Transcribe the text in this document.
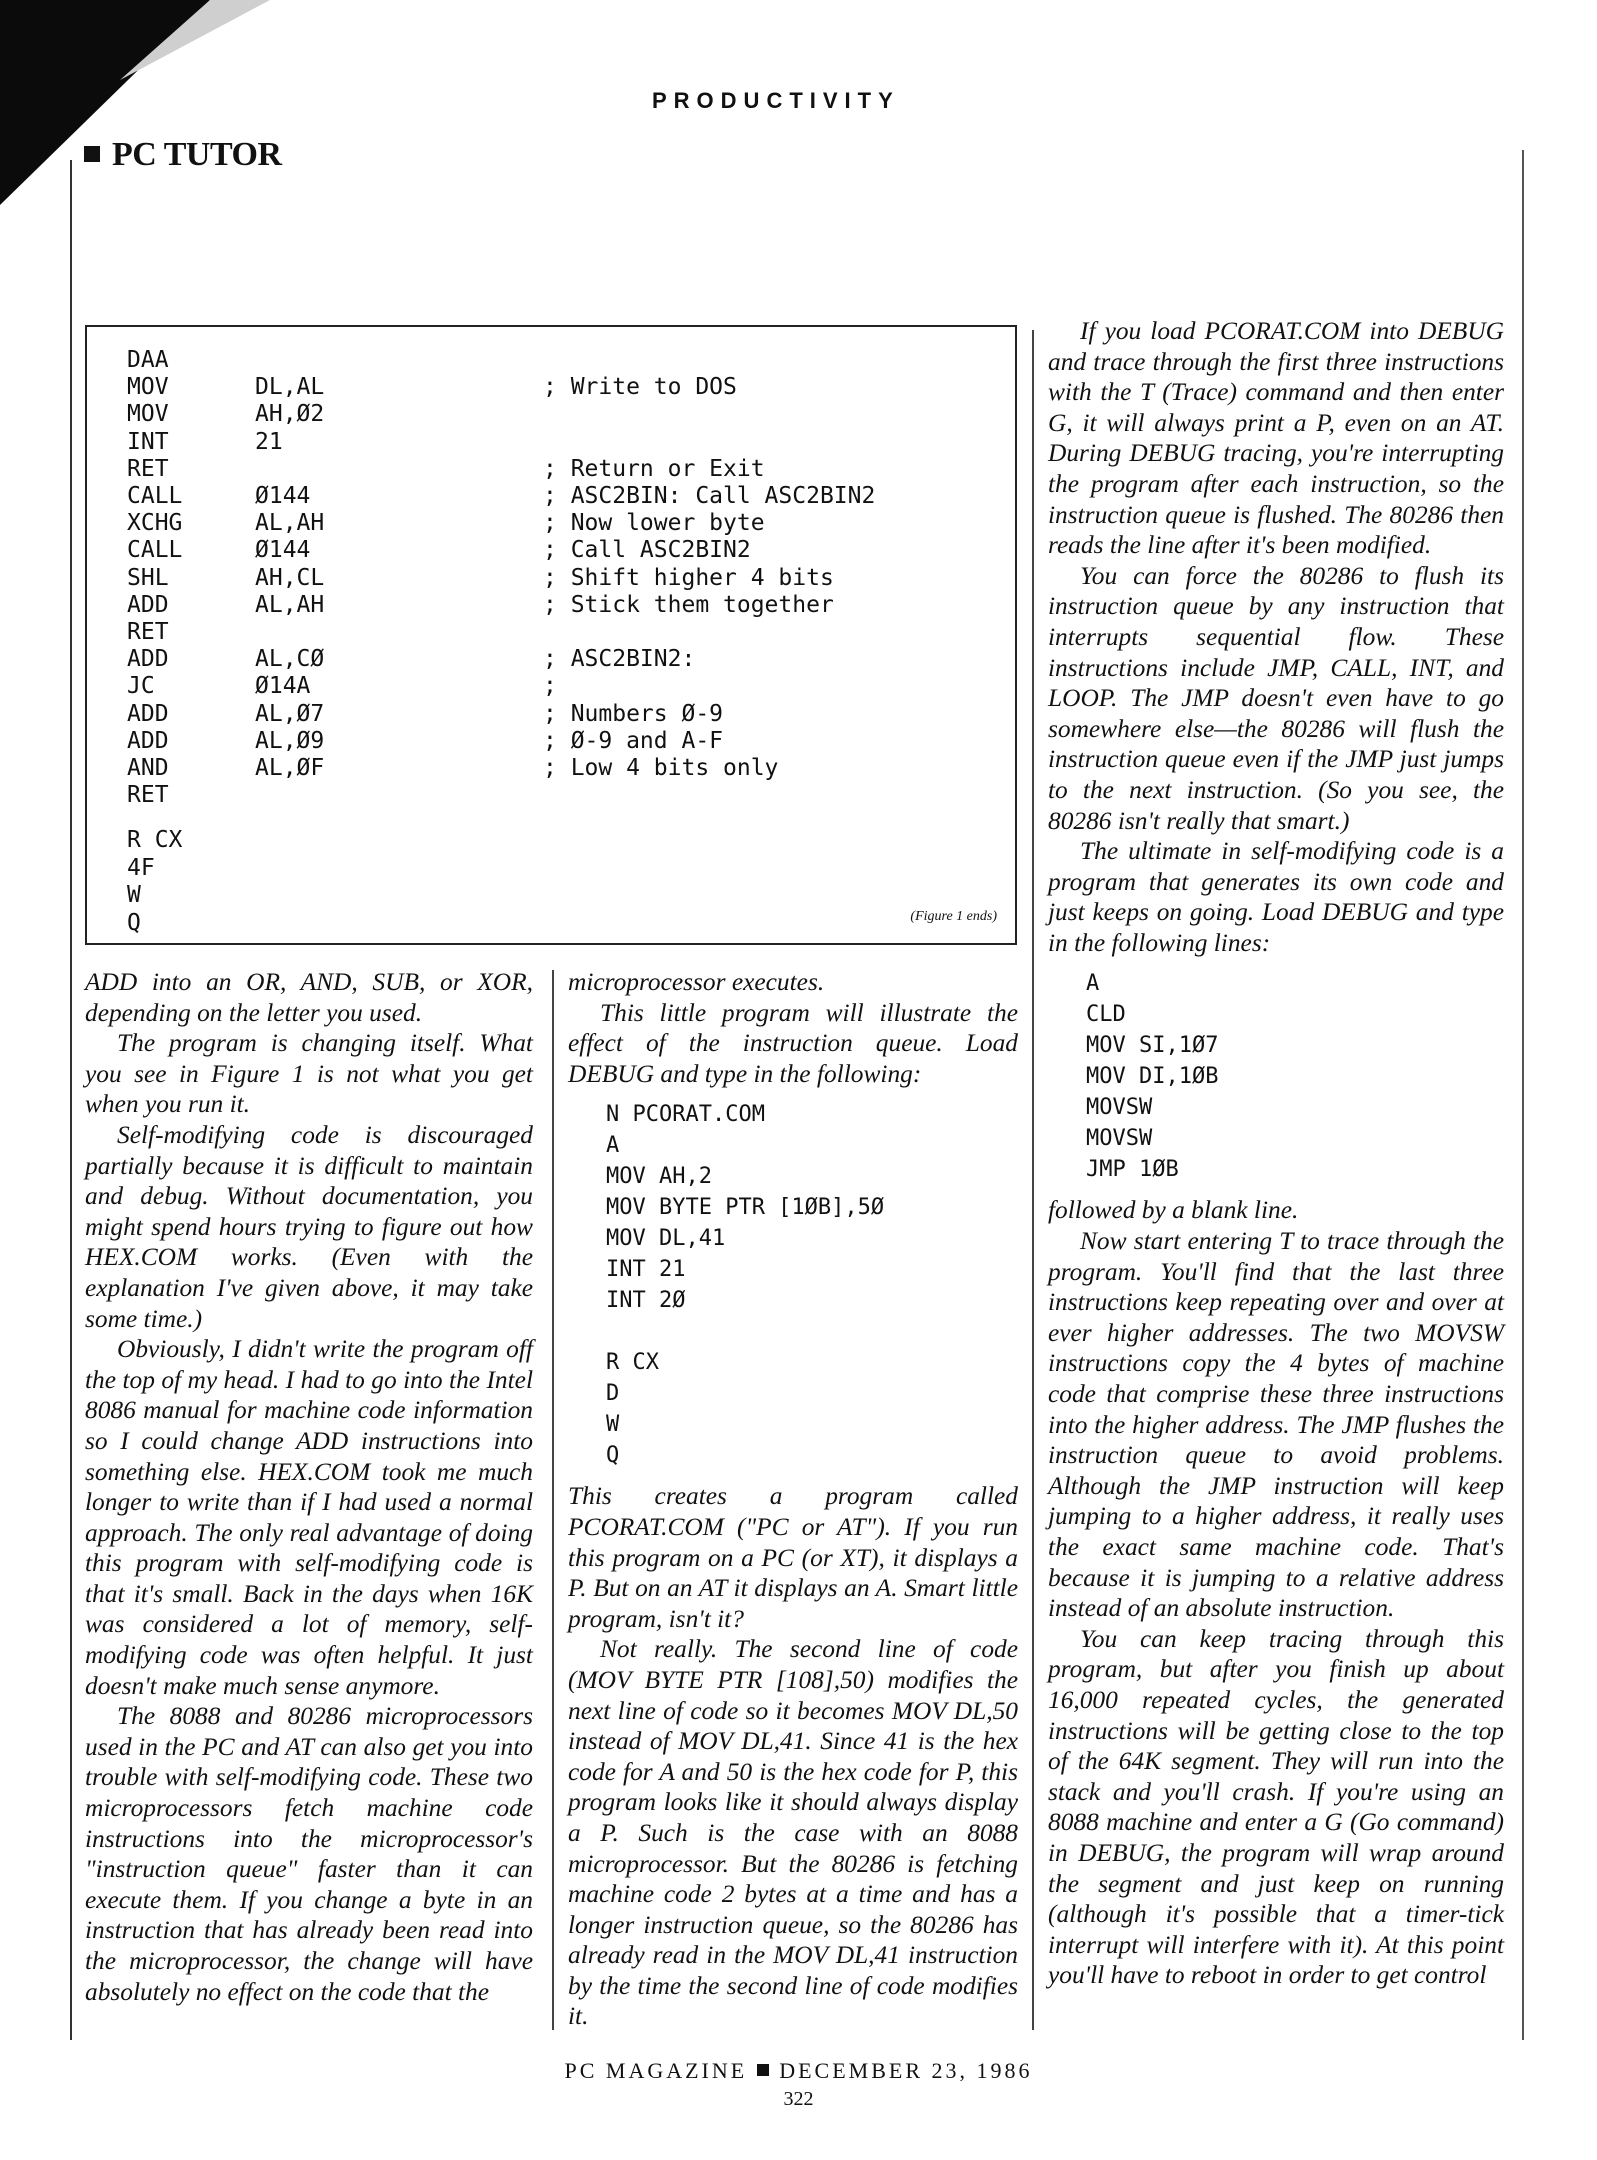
PRODUCTIVITY
PC TUTOR
DAA		
MOV	DL,AL	; Write to DOS
MOV	AH,Ø2	
INT	21	
RET		; Return or Exit
CALL	Ø144	; ASC2BIN: Call ASC2BIN2
XCHG	AL,AH	; Now lower byte
CALL	Ø144	; Call ASC2BIN2
SHL	AH,CL	; Shift higher 4 bits
ADD	AL,AH	; Stick them together
RET		
ADD	AL,CØ	; ASC2BIN2:
JC	Ø14A	;
ADD	AL,Ø7	; Numbers Ø-9
ADD	AL,Ø9	; Ø-9 and A-F
AND	AL,ØF	; Low 4 bits only
RET		
R CX
4F
W
Q	(Figure 1 ends)

ADD into an OR, AND, SUB, or XOR, depending on the letter you used.

The program is changing itself. What you see in Figure 1 is not what you get when you run it.

Self-modifying code is discouraged partially because it is difficult to maintain and debug. Without documentation, you might spend hours trying to figure out how HEX.COM works. (Even with the explanation I've given above, it may take some time.)

Obviously, I didn't write the program off the top of my head. I had to go into the Intel 8086 manual for machine code information so I could change ADD instructions into something else. HEX.COM took me much longer to write than if I had used a normal approach. The only real advantage of doing this program with self-modifying code is that it's small. Back in the days when 16K was considered a lot of memory, self-modifying code was often helpful. It just doesn't make much sense anymore.

The 8088 and 80286 microprocessors used in the PC and AT can also get you into trouble with self-modifying code. These two microprocessors fetch machine code instructions into the microprocessor's "instruction queue" faster than it can execute them. If you change a byte in an instruction that has already been read into the microprocessor, the change will have absolutely no effect on the code that the

microprocessor executes.

This little program will illustrate the effect of the instruction queue. Load DEBUG and type in the following:

N PCORAT.COM
A
MOV AH,2
MOV BYTE PTR [1ØB],5Ø
MOV DL,41
INT 21
INT 2Ø

R CX
D
W
Q

This creates a program called PCORAT.COM ("PC or AT"). If you run this program on a PC (or XT), it displays a P. But on an AT it displays an A. Smart little program, isn't it?

Not really. The second line of code (MOV BYTE PTR [108],50) modifies the next line of code so it becomes MOV DL,50 instead of MOV DL,41. Since 41 is the hex code for A and 50 is the hex code for P, this program looks like it should always display a P. Such is the case with an 8088 microprocessor. But the 80286 is fetching machine code 2 bytes at a time and has a longer instruction queue, so the 80286 has already read in the MOV DL,41 instruction by the time the second line of code modifies it.

If you load PCORAT.COM into DEBUG and trace through the first three instructions with the T (Trace) command and then enter G, it will always print a P, even on an AT. During DEBUG tracing, you're interrupting the program after each instruction, so the instruction queue is flushed. The 80286 then reads the line after it's been modified.

You can force the 80286 to flush its instruction queue by any instruction that interrupts sequential flow. These instructions include JMP, CALL, INT, and LOOP. The JMP doesn't even have to go somewhere else—the 80286 will flush the instruction queue even if the JMP just jumps to the next instruction. (So you see, the 80286 isn't really that smart.)

The ultimate in self-modifying code is a program that generates its own code and just keeps on going. Load DEBUG and type in the following lines:

A
CLD
MOV SI,1Ø7
MOV DI,1ØB
MOVSW
MOVSW
JMP 1ØB

followed by a blank line.

Now start entering T to trace through the program. You'll find that the last three instructions keep repeating over and over at ever higher addresses. The two MOVSW instructions copy the 4 bytes of machine code that comprise these three instructions into the higher address. The JMP flushes the instruction queue to avoid problems. Although the JMP instruction will keep jumping to a higher address, it really uses the exact same machine code. That's because it is jumping to a relative address instead of an absolute instruction.

You can keep tracing through this program, but after you finish up about 16,000 repeated cycles, the generated instructions will be getting close to the top of the 64K segment. They will run into the stack and you'll crash. If you're using an 8088 machine and enter a G (Go command) in DEBUG, the program will wrap around the segment and just keep on running (although it's possible that a timer-tick interrupt will interfere with it). At this point you'll have to reboot in order to get control

PC MAGAZINE DECEMBER 23, 1986
322
